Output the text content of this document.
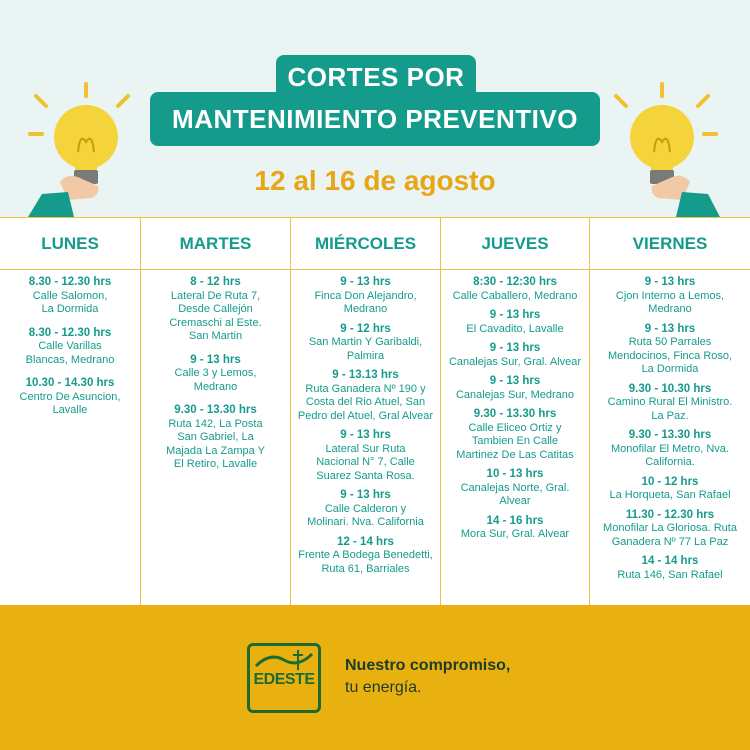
CORTES POR
MANTENIMIENTO PREVENTIVO
12 al 16 de agosto
LUNES
8.30 - 12.30 hrs
Calle Salomon,
La Dormida
8.30 - 12.30 hrs
Calle Varillas
Blancas, Medrano
10.30 - 14.30 hrs
Centro De Asuncion,
Lavalle
MARTES
8 - 12 hrs
Lateral De Ruta 7,
Desde Callejón
Cremaschi al Este.
San Martin
9 - 13 hrs
Calle 3 y Lemos,
Medrano
9.30 - 13.30 hrs
Ruta 142, La Posta
San Gabriel, La
Majada La Zampa Y
El Retiro, Lavalle
MIÉRCOLES
9 - 13 hrs
Finca Don Alejandro,
Medrano
9 - 12 hrs
San Martin Y Garibaldi,
Palmira
9 - 13.13 hrs
Ruta Ganadera Nº 190 y
Costa del Rio Atuel, San
Pedro del Atuel, Gral Alvear
9 - 13 hrs
Lateral Sur Ruta
Nacional N° 7, Calle
Suarez Santa Rosa.
9 - 13 hrs
Calle Calderon y
Molinari. Nva. California
12 - 14 hrs
Frente A Bodega Benedetti,
Ruta 61, Barriales
JUEVES
8:30 - 12:30 hrs
Calle Caballero, Medrano
9 - 13 hrs
El Cavadito, Lavalle
9 - 13 hrs
Canalejas Sur, Gral. Alvear
9 - 13 hrs
Canalejas Sur, Medrano
9.30 - 13.30 hrs
Calle Eliceo Ortiz y
Tambien En Calle
Martinez De Las Catitas
10 - 13 hrs
Canalejas Norte, Gral.
Alvear
14 - 16 hrs
Mora Sur, Gral. Alvear
VIERNES
9 - 13 hrs
Cjon Interno a Lemos,
Medrano
9 - 13 hrs
Ruta 50 Parrales
Mendocinos, Finca Roso,
La Dormida
9.30 - 10.30 hrs
Camino Rural El Ministro.
La Paz.
9.30 - 13.30 hrs
Monofilar El Metro, Nva.
California.
10 - 12 hrs
La Horqueta, San Rafael
11.30 - 12.30 hrs
Monofilar La Gloriosa. Ruta
Ganadera Nº 77 La Paz
14 - 14 hrs
Ruta 146, San Rafael
EDESTE
Nuestro compromiso,
tu energía.
